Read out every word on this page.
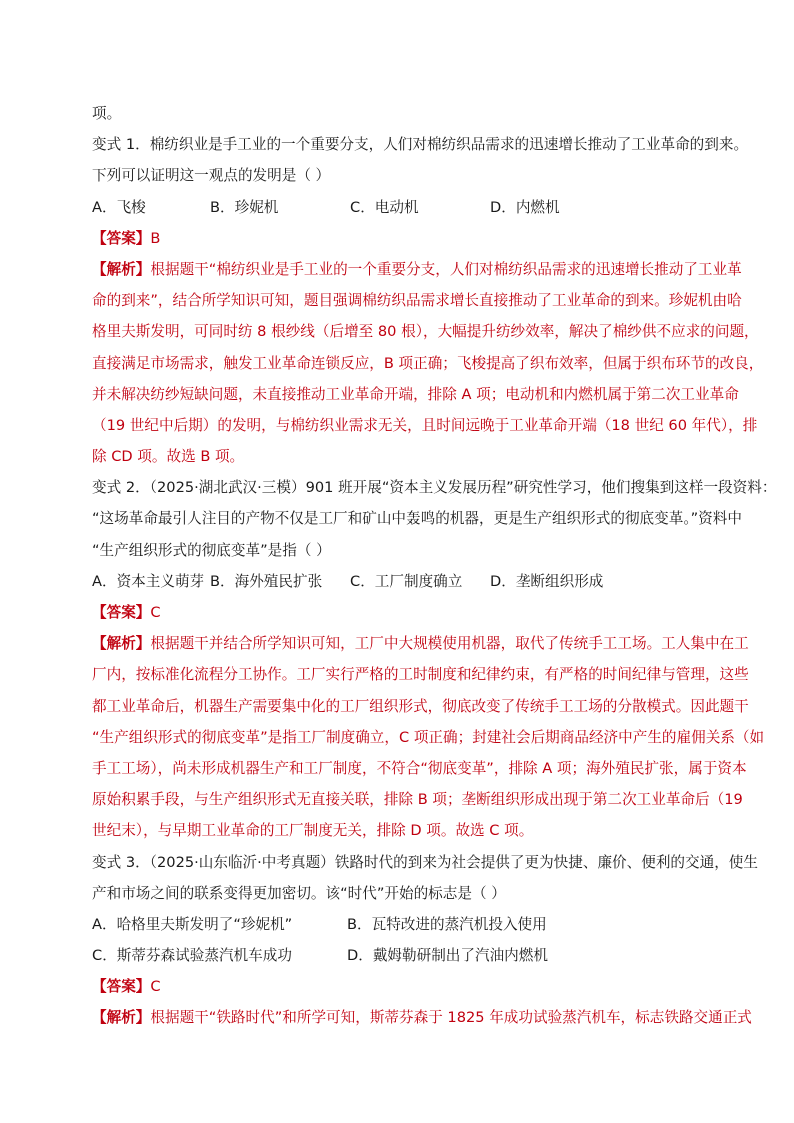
项。
变式 1．棉纺织业是手工业的一个重要分支，人们对棉纺织品需求的迅速增长推动了工业革命的到来。
下列可以证明这一观点的发明是（ ）
A．飞梭	B．珍妮机	C．电动机	D．内燃机
【答案】B
【解析】根据题干“棉纺织业是手工业的一个重要分支，人们对棉纺织品需求的迅速增长推动了工业革
命的到来”，结合所学知识可知，题目强调棉纺织品需求增长直接推动了工业革命的到来。珍妮机由哈
格里夫斯发明，可同时纺 8 根纱线（后增至 80 根），大幅提升纺纱效率，解决了棉纱供不应求的问题，
直接满足市场需求，触发工业革命连锁反应，B 项正确；飞梭提高了织布效率，但属于织布环节的改良，
并未解决纺纱短缺问题，未直接推动工业革命开端，排除 A 项；电动机和内燃机属于第二次工业革命
（19 世纪中后期）的发明，与棉纺织业需求无关，且时间远晚于工业革命开端（18 世纪 60 年代），排
除 CD 项。故选 B 项。
变式 2．（2025·湖北武汉·三模）901 班开展“资本主义发展历程”研究性学习，他们搜集到这样一段资料：
“这场革命最引人注目的产物不仅是工厂和矿山中轰鸣的机器，更是生产组织形式的彻底变革。”资料中
“生产组织形式的彻底变革”是指（ ）
A．资本主义萌芽 B．海外殖民扩张	C．工厂制度确立	D．垄断组织形成
【答案】C
【解析】根据题干并结合所学知识可知，工厂中大规模使用机器，取代了传统手工工场。工人集中在工
厂内，按标准化流程分工协作。工厂实行严格的工时制度和纪律约束，有严格的时间纪律与管理，这些
都工业革命后，机器生产需要集中化的工厂组织形式，彻底改变了传统手工工场的分散模式。因此题干
“生产组织形式的彻底变革”是指工厂制度确立，C 项正确；封建社会后期商品经济中产生的雇佣关系（如
手工工场），尚未形成机器生产和工厂制度，不符合“彻底变革”，排除 A 项；海外殖民扩张，属于资本
原始积累手段，与生产组织形式无直接关联，排除 B 项；垄断组织形成出现于第二次工业革命后（19
世纪末），与早期工业革命的工厂制度无关，排除 D 项。故选 C 项。
变式 3．（2025·山东临沂·中考真题）铁路时代的到来为社会提供了更为快捷、廉价、便利的交通，使生
产和市场之间的联系变得更加密切。该“时代”开始的标志是（ ）
A．哈格里夫斯发明了“珍妮机”	B．瓦特改进的蒸汽机投入使用
C．斯蒂芬森试验蒸汽机车成功	D．戴姆勒研制出了汽油内燃机
【答案】C
【解析】根据题干“铁路时代”和所学可知，斯蒂芬森于 1825 年成功试验蒸汽机车，标志铁路交通正式
